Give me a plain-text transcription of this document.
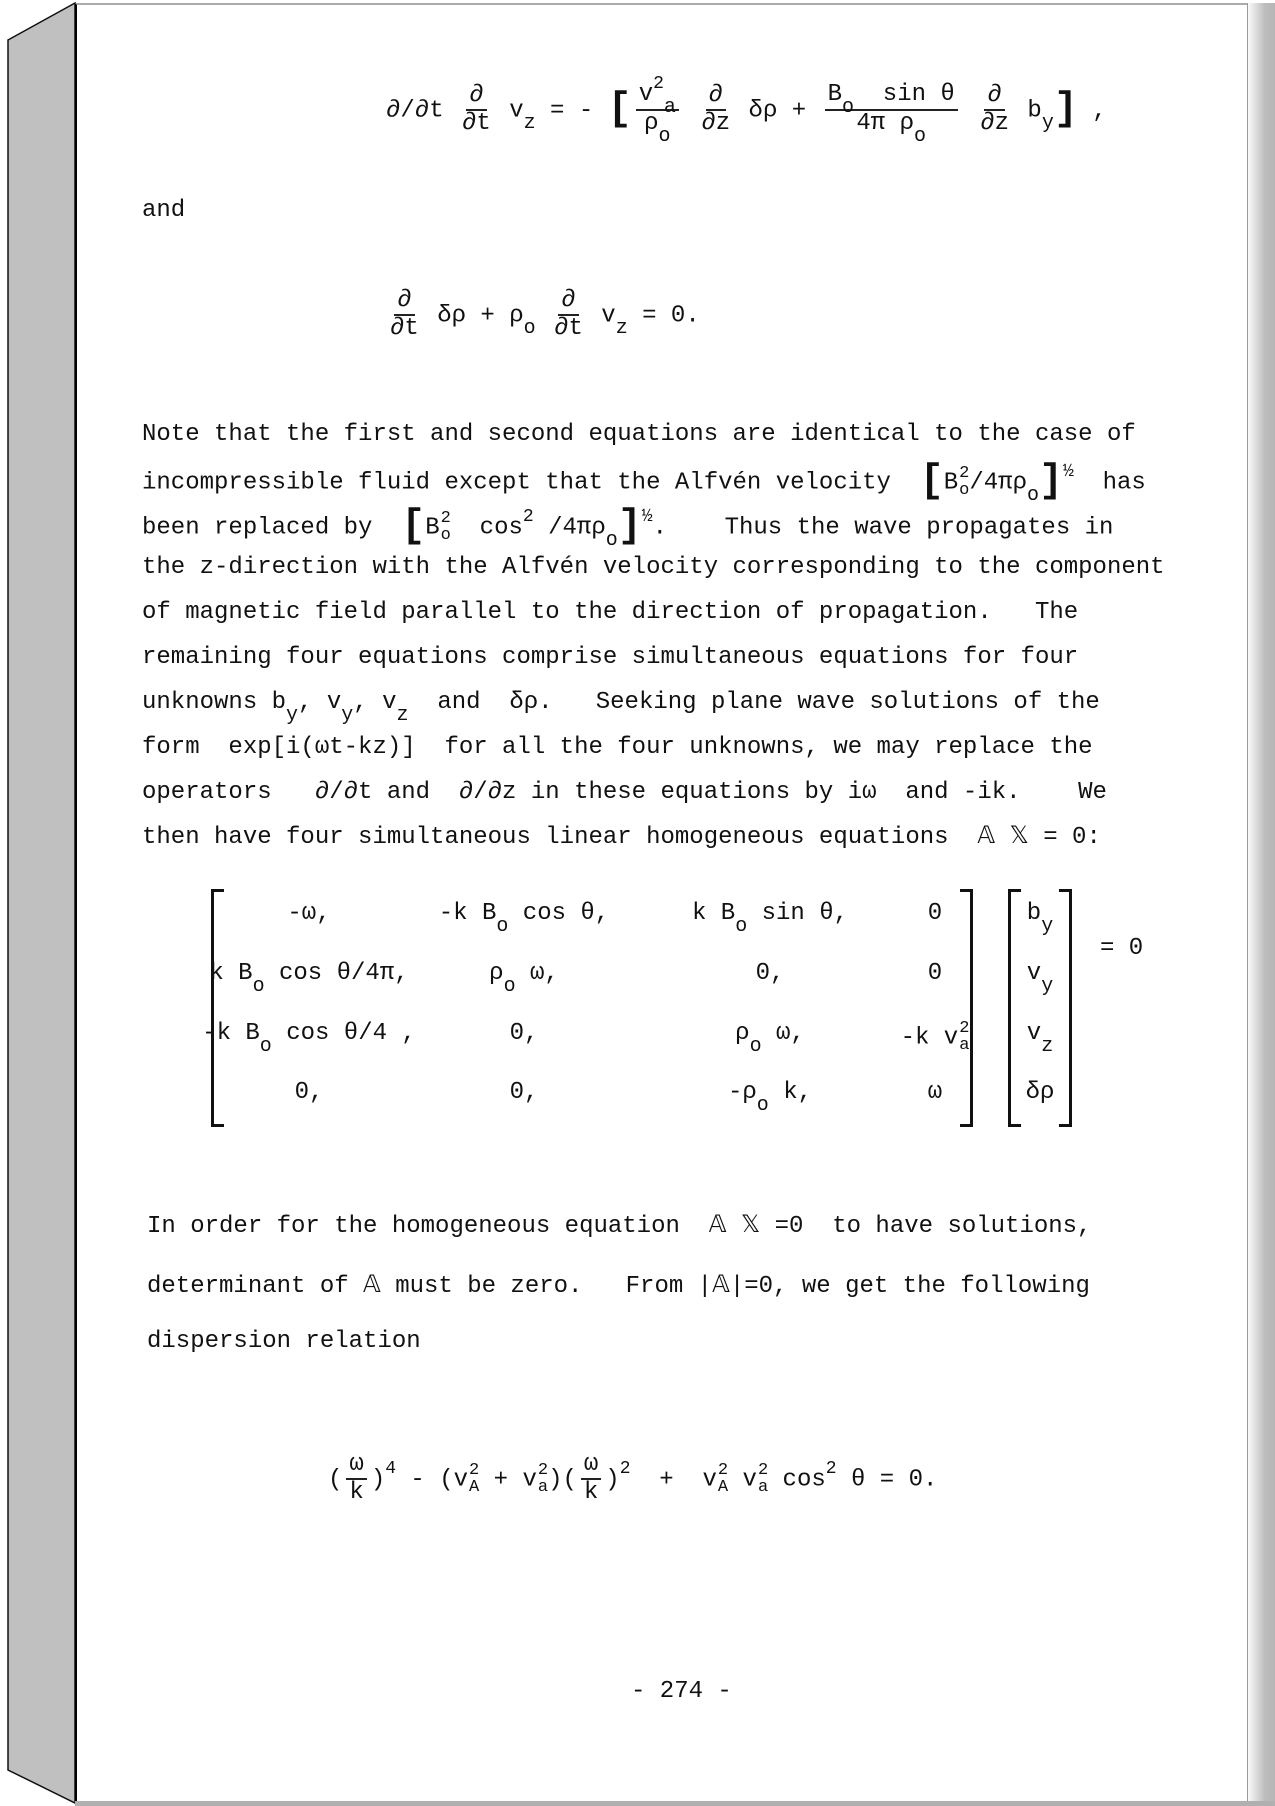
$\partial/\partial t \frac{\partial}{\partial t} v_z$ = - [ $\frac{v^2_a}{\rho_o}$
$\frac{\partial}{\partial z}$ $\delta\rho + \frac{B_o \sin \theta}{4\pi \rho_o}$
$\frac{\partial}{\partial z} b_y$] ,
and
$\frac{\partial}{\partial t}$ $\delta\rho + \rho_o \frac{\partial}{\partial t} v_z = 0$.
Note that the first and second equations are identical to the case of
incompressible fluid except that the Alfvén velocity  [B 2
o $/4\pi\rho_o]^{\frac{1}{2}}$  has
been replaced by  [B 2
o $\cos^2 /4\pi\rho_o]^{\frac{1}{2}}$.    Thus the wave propagates in
the z-direction with the Alfvén velocity corresponding to the component
of magnetic field parallel to the direction of propagation.   The
remaining four equations comprise simultaneous equations for four
unknowns $b_y$, $v_y$, $v_z$  and  δρ.   Seeking plane wave solutions of the
form  exp[i(ωt-kz)]  for all the four unknowns, we may replace the
operators   ∂/∂t and  ∂/∂z in these equations by iω  and -ik.    We
then have four simultaneous linear homogeneous equations  𝔸 𝕏 = 0:
-ω,	-k $B_o$ cos θ,	k $B_o$ sin θ,	0
k $B_o$ cos θ/4π,	$\rho_o$ ω,	0,	0
-k $B_o$ cos θ/4 ,	0,	$\rho_o$ ω,	-k v 2
a
0,	0,	$-\rho_o$ k,	ω
$b_y$
$v_y$
$v_z$
δρ
= 0
In order for the homogeneous equation  𝔸 𝕏 =0  to have solutions,
determinant of 𝔸 must be zero.   From |𝔸|=0, we get the following
dispersion relation
( $\frac{\omega}{k} )^4 - (v$ 2
A + v 2
a )( $\frac{\omega}{k} )^2 + v$ 2
A v 2
a $\cos^2 \theta = 0$.
- 274 -
